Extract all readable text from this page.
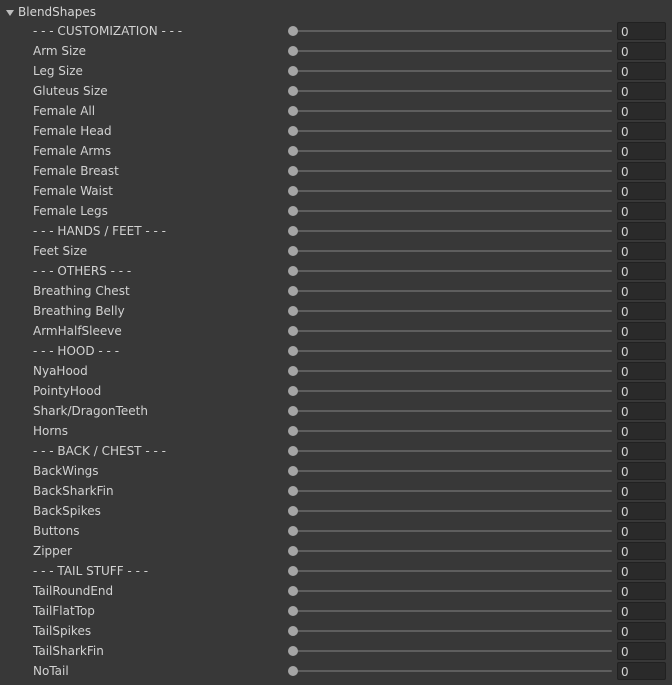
BlendShapes
- - - CUSTOMIZATION - - -
0
Arm Size
0
Leg Size
0
Gluteus Size
0
Female All
0
Female Head
0
Female Arms
0
Female Breast
0
Female Waist
0
Female Legs
0
- - - HANDS / FEET - - -
0
Feet Size
0
- - - OTHERS - - -
0
Breathing Chest
0
Breathing Belly
0
ArmHalfSleeve
0
- - - HOOD - - -
0
NyaHood
0
PointyHood
0
Shark/DragonTeeth
0
Horns
0
- - - BACK / CHEST - - -
0
BackWings
0
BackSharkFin
0
BackSpikes
0
Buttons
0
Zipper
0
- - - TAIL STUFF - - -
0
TailRoundEnd
0
TailFlatTop
0
TailSpikes
0
TailSharkFin
0
NoTail
0
